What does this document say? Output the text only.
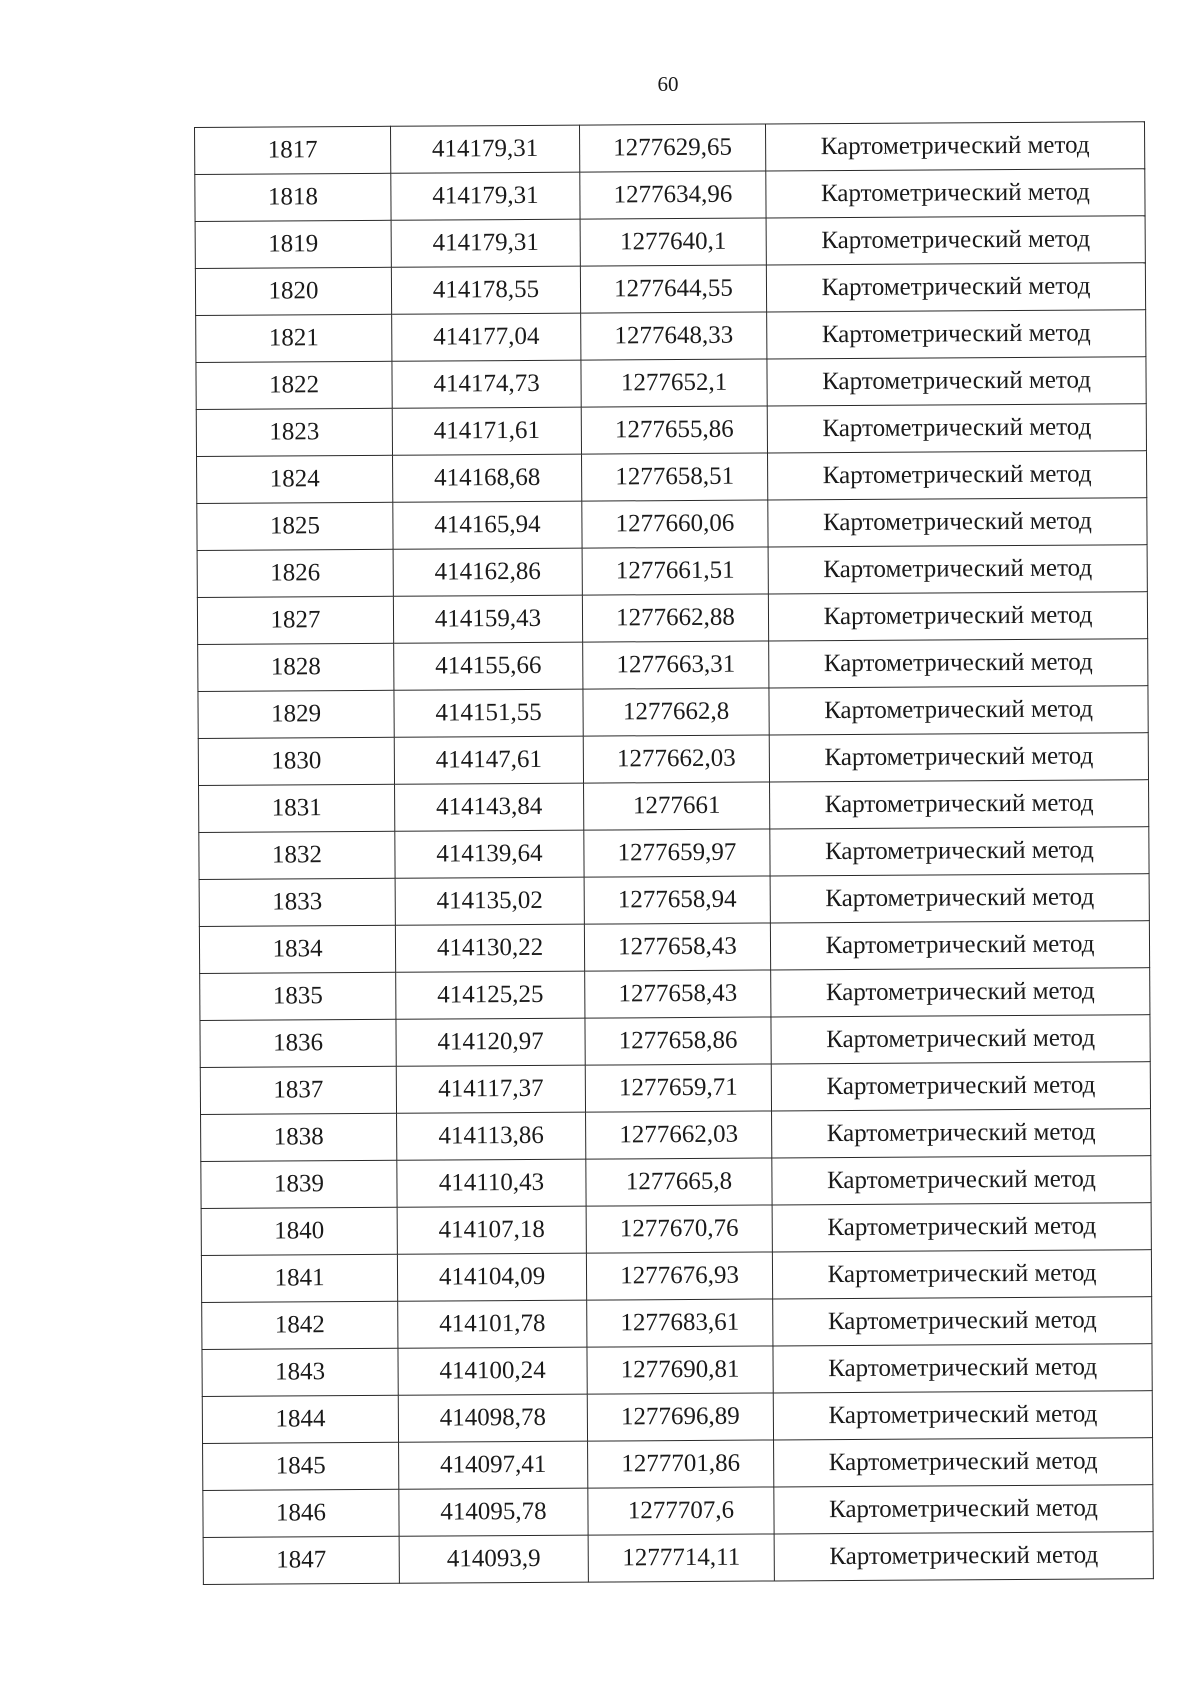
60
1817	414179,31	1277629,65	Картометрический метод
1818	414179,31	1277634,96	Картометрический метод
1819	414179,31	1277640,1	Картометрический метод
1820	414178,55	1277644,55	Картометрический метод
1821	414177,04	1277648,33	Картометрический метод
1822	414174,73	1277652,1	Картометрический метод
1823	414171,61	1277655,86	Картометрический метод
1824	414168,68	1277658,51	Картометрический метод
1825	414165,94	1277660,06	Картометрический метод
1826	414162,86	1277661,51	Картометрический метод
1827	414159,43	1277662,88	Картометрический метод
1828	414155,66	1277663,31	Картометрический метод
1829	414151,55	1277662,8	Картометрический метод
1830	414147,61	1277662,03	Картометрический метод
1831	414143,84	1277661	Картометрический метод
1832	414139,64	1277659,97	Картометрический метод
1833	414135,02	1277658,94	Картометрический метод
1834	414130,22	1277658,43	Картометрический метод
1835	414125,25	1277658,43	Картометрический метод
1836	414120,97	1277658,86	Картометрический метод
1837	414117,37	1277659,71	Картометрический метод
1838	414113,86	1277662,03	Картометрический метод
1839	414110,43	1277665,8	Картометрический метод
1840	414107,18	1277670,76	Картометрический метод
1841	414104,09	1277676,93	Картометрический метод
1842	414101,78	1277683,61	Картометрический метод
1843	414100,24	1277690,81	Картометрический метод
1844	414098,78	1277696,89	Картометрический метод
1845	414097,41	1277701,86	Картометрический метод
1846	414095,78	1277707,6	Картометрический метод
1847	414093,9	1277714,11	Картометрический метод
